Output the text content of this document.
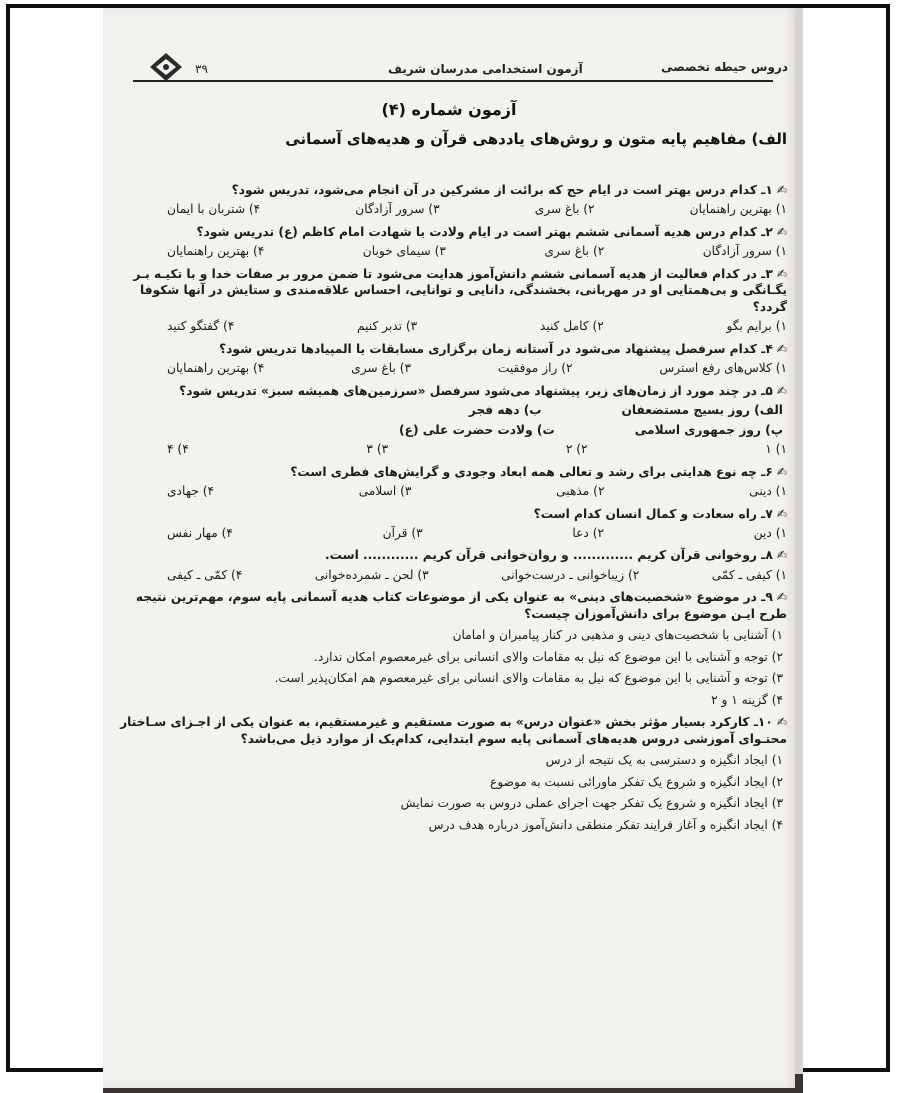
۳۹	آزمون استخدامی مدرسان شریف	دروس حیطه تخصصی
آزمون شماره (۴)
الف) مفاهیم پایه متون و روش‌های یاددهی قرآن و هدیه‌های آسمانی
✍۱ـ کدام درس بهتر است در ایام حج که برائت از مشرکین در آن انجام می‌شود، تدریس شود؟
۱) بهترین راهنمایان
۲) باغ سری
۳) سرور آزادگان
۴) شتربان با ایمان
✍۲ـ کدام درس هدیه آسمانی ششم بهتر است در ایام ولادت یا شهادت امام کاظم (ع) تدریس شود؟
۱) سرور آزادگان
۲) باغ سری
۳) سیمای خوبان
۴) بهترین راهنمایان
✍۳ـ در کدام فعالیت از هدیه آسمانی ششم دانش‌آموز هدایت می‌شود تا ضمن مرور بر صفات خدا و با تکیـه بـر یگـانگی و بی‌همتایی او در مهربانی، بخشندگی، دانایی و توانایی، احساس علاقه‌مندی و ستایش در آنها شکوفا گردد؟
۱) برایم بگو
۲) کامل کنید
۳) تدبر کنیم
۴) گفتگو کنید
✍۴ـ کدام سرفصل پیشنهاد می‌شود در آستانه زمان برگزاری مسابقات یا المپیادها تدریس شود؟
۱) کلاس‌های رفع استرس
۲) راز موفقیت
۳) باغ سری
۴) بهترین راهنمایان
✍۵ـ در چند مورد از زمان‌های زیر، پیشنهاد می‌شود سرفصل «سرزمین‌های همیشه سبز» تدریس شود؟
الف) روز بسیج مستضعفان
ب) دهه فجر
پ) روز جمهوری اسلامی
ت) ولادت حضرت علی (ع)
۱) ۱
۲) ۲
۳) ۳
۴) ۴
✍۶ـ چه نوع هدایتی برای رشد و تعالی همه ابعاد وجودی و گرایش‌های فطری است؟
۱) دینی
۲) مذهبی
۳) اسلامی
۴) جهادی
✍۷ـ راه سعادت و کمال انسان کدام است؟
۱) دین
۲) دعا
۳) قرآن
۴) مهار نفس
✍۸ـ روخوانی قرآن کریم ............. و روان‌خوانی قرآن کریم ............ است.
۱) کیفی ـ کمّی
۲) زیباخوانی ـ درست‌خوانی
۳) لحن ـ شمرده‌خوانی
۴) کمّی ـ کیفی
✍۹ـ در موضوع «شخصیت‌های دینی» به عنوان یکی از موضوعات کتاب هدیه آسمانی پایه سوم، مهم‌ترین نتیجه طرح ایـن موضوع برای دانش‌آموزان چیست؟
۱) آشنایی با شخصیت‌های دینی و مذهبی در کنار پیامبران و امامان
۲) توجه و آشنایی با این موضوع که نیل به مقامات والای انسانی برای غیرمعصوم امکان ندارد.
۳) توجه و آشنایی با این موضوع که نیل به مقامات والای انسانی برای غیرمعصوم هم امکان‌پذیر است.
۴) گزینه ۱ و ۲
✍۱۰ـ کارکرد بسیار مؤثر بخش «عنوان درس» به صورت مستقیم و غیرمستقیم، به عنوان یکی از اجـزای سـاختار محتـوای آموزشی دروس هدیه‌های آسمانی پایه سوم ابتدایی، کدام‌یک از موارد ذیل می‌باشد؟
۱) ایجاد انگیزه و دسترسی به یک نتیجه از درس
۲) ایجاد انگیزه و شروع یک تفکر ماورائی نسبت به موضوع
۳) ایجاد انگیزه و شروع یک تفکر جهت اجرای عملی دروس به صورت نمایش
۴) ایجاد انگیزه و آغاز فرایند تفکر منطقی دانش‌آموز درباره هدف درس
